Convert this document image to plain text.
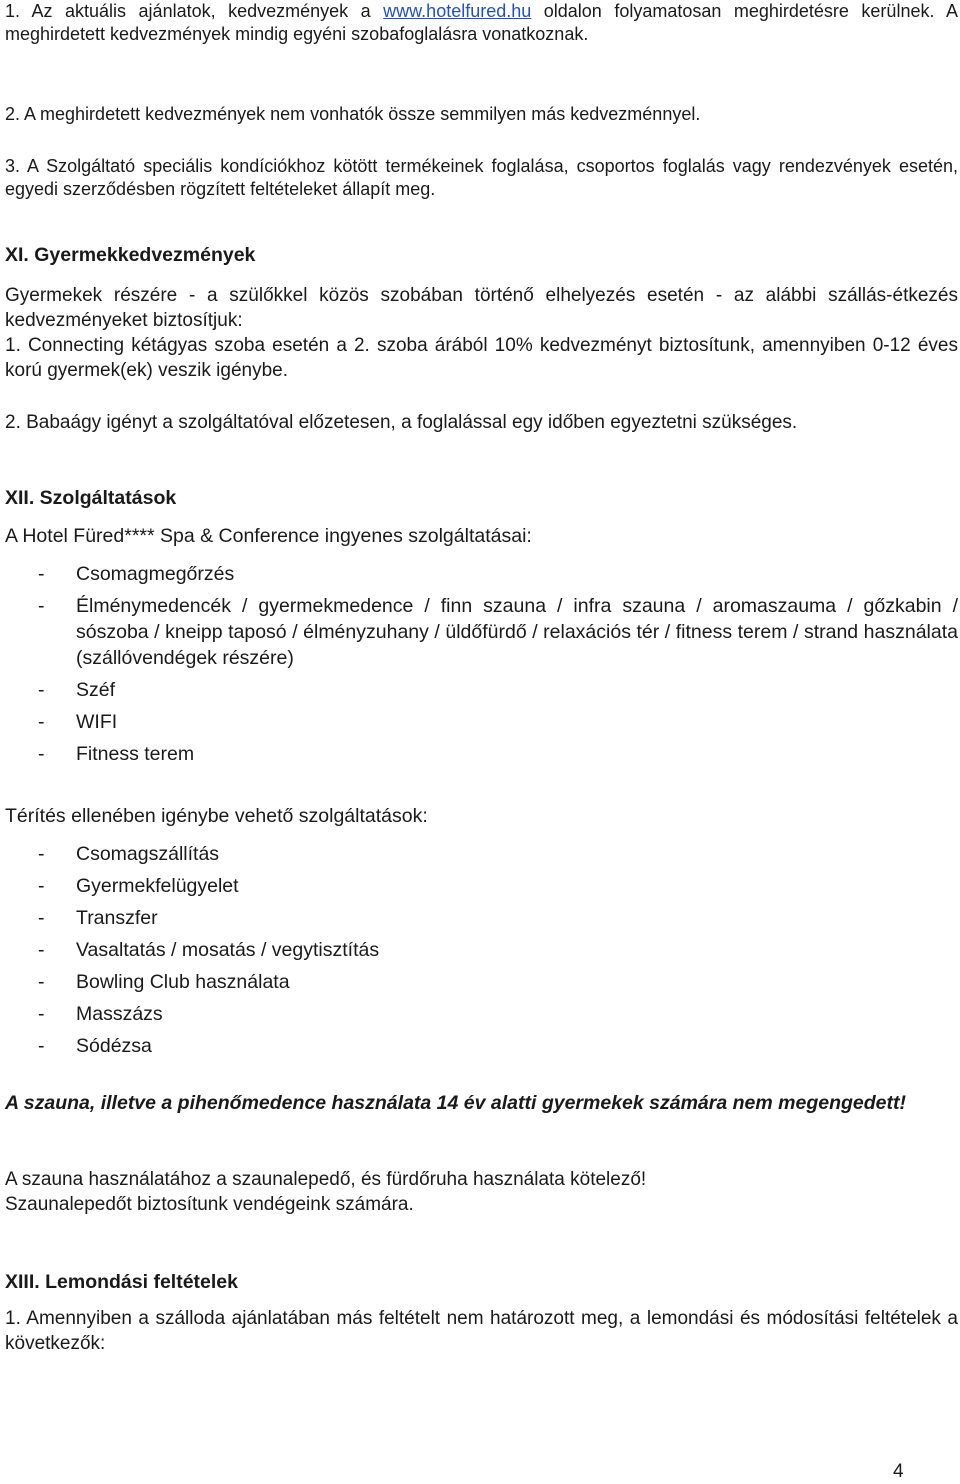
1. Az aktuális ajánlatok, kedvezmények a www.hotelfured.hu oldalon folyamatosan meghirdetésre kerülnek. A meghirdetett kedvezmények mindig egyéni szobafoglalásra vonatkoznak.

2. A meghirdetett kedvezmények nem vonhatók össze semmilyen más kedvezménnyel.

3. A Szolgáltató speciális kondíciókhoz kötött termékeinek foglalása, csoportos foglalás vagy rendezvények esetén, egyedi szerződésben rögzített feltételeket állapít meg.

XI. Gyermekkedvezmények

Gyermekek részére - a szülőkkel közös szobában történő elhelyezés esetén - az alábbi szállás-étkezés kedvezményeket biztosítjuk:

1. Connecting kétágyas szoba esetén a 2. szoba árából 10% kedvezményt biztosítunk, amennyiben 0-12 éves korú gyermek(ek) veszik igénybe.

2. Babaágy igényt a szolgáltatóval előzetesen, a foglalással egy időben egyeztetni szükséges.

XII. Szolgáltatások

A Hotel Füred**** Spa & Conference ingyenes szolgáltatásai:

- Csomagmegőrzés
- Élménymedencék / gyermekmedence / finn szauna / infra szauna / aromaszauma / gőzkabin / sószoba / kneipp taposó / élményzuhany / üldőfürdő / relaxációs tér / fitness terem / strand használata (szállóvendégek részére)
- Széf
- WIFI
- Fitness terem

Térítés ellenében igénybe vehető szolgáltatások:

- Csomagszállítás
- Gyermekfelügyelet
- Transzfer
- Vasaltatás / mosatás / vegytisztítás
- Bowling Club használata
- Masszázs
- Sódézsa

A szauna, illetve a pihenőmedence használata 14 év alatti gyermekek számára nem megengedett!

A szauna használatához a szaunalepedő, és fürdőruha használata kötelező!

Szaunalepedőt biztosítunk vendégeink számára.

XIII. Lemondási feltételek

1. Amennyiben a szálloda ajánlatában más feltételt nem határozott meg, a lemondási és módosítási feltételek a következők:

4
